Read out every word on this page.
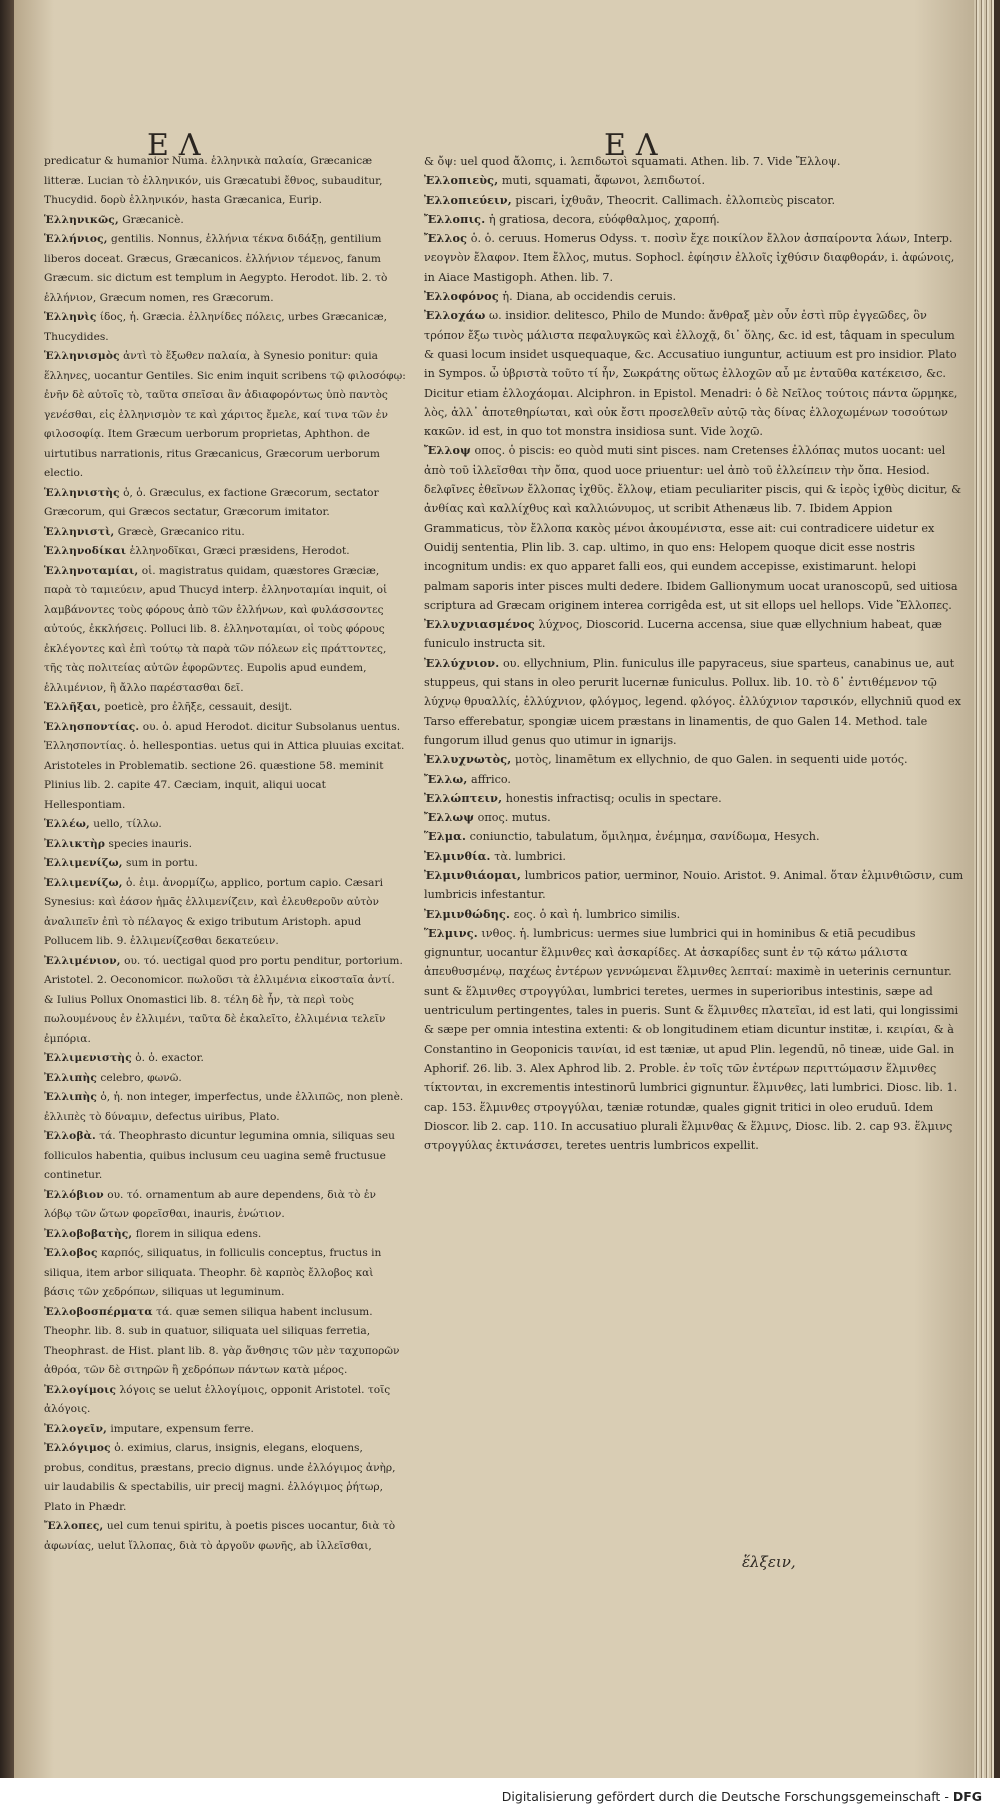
ΕΛ	ΕΛ
predicatur & humanior Numa. ἑλληνικὰ παλαία, Græcanicæ litteræ. Lucian τὸ ἑλληνικόν, uis Græcatubi ἔθνος, subauditur, Thucydid. δορὺ ἑλληνικόν, hasta Græcanica, Eurip.
Ἑλληνικῶς, Græcanicè.
Ἑλλήνιος, gentilis. Nonnus, ἑλλήνια τέκνα διδάξῃ, gentilium liberos doceat. Græcus, Græcanicos. ἑλλήνιον τέμενος, fanum Græcum. sic dictum est templum in Aegypto. Herodot. lib. 2. τὸ ἑλλήνιον, Græcum nomen, res Græcorum.
Ἑλληνὶς ίδος, ἡ. Græcia. ἑλληνίδες πόλεις, urbes Græcanicæ, Thucydides.
Ἑλληνισμὸς ἀντὶ τὸ ἔξωθεν παλαία, à Synesio ponitur: quia ἕλληνες, uocantur Gentiles. Sic enim inquit scribens τῷ φιλοσόφῳ: ἐνῆν δὲ αὐτοῖς τὸ, ταῦτα σπεῖσαι ἂν ἀδιαφορόντως ὑπὸ παντὸς γενέσθαι, εἰς ἑλληνισμὸν τε καὶ χάριτος ἔμελε, καί τινα τῶν ἐν φιλοσοφίᾳ. Item Græcum uerborum proprietas, Aphthon. de uirtutibus narrationis, ritus Græcanicus, Græcorum uerborum electio.
Ἑλληνιστὴς ὁ, ὁ. Græculus, ex factione Græcorum, sectator Græcorum, qui Græcos sectatur, Græcorum imitator.
Ἑλληνιστὶ, Græcè, Græcanico ritu.
Ἑλληνοδίκαι ἑλληνοδῖκαι, Græci præsidens, Herodot.
Ἑλληνοταμίαι, οἱ. magistratus quidam, quæstores Græciæ, παρὰ τὸ ταμιεύειν, apud Thucyd interp. ἑλληνοταμίαι inquit, οἱ λαμβάνοντες τοὺς φόρους ἀπὸ τῶν ἑλλήνων, καὶ φυλάσσοντες αὐτούς, ἐκκλήσεις. Polluci lib. 8. ἑλληνοταμίαι, οἱ τοὺς φόρους ἐκλέγοντες καὶ ἐπὶ τούτῳ τὰ παρὰ τῶν πόλεων εἰς πράττοντες, τῆς τὰς πολιτείας αὐτῶν ἐφορῶντες. Eupolis apud eundem, ἑλλιμένιον, ἢ ἄλλο παρέστασθαι δεῖ.
Ἑλλῆξαι, poeticè, pro ἐλῆξε, cessauit, desijt.
Ἑλλησποντίας. ου. ὁ. apud Herodot. dicitur Subsolanus uentus. Ἑλλησποντίας. ὁ. hellespontias. uetus qui in Attica pluuias excitat. Aristoteles in Problematib. sectione 26. quæstione 58. meminit Plinius lib. 2. capite 47. Cæciam, inquit, aliqui uocat Hellespontiam.
Ἑλλέω, uello, τίλλω.
Ἐλλικτὴρ species inauris.
Ἐλλιμενίζω, sum in portu.
Ἐλλιμενίζω, ὁ. ἐιμ. ἀνορμίζω, applico, portum capio. Cæsari Synesius: καὶ ἐάσον ἡμᾶς ἐλλιμενίζειν, καὶ ἐλευθεροῦν αὐτὸν ἀναλιπεῖν ἐπὶ τὸ πέλαγος & exigo tributum Aristoph. apud Pollucem lib. 9. ἐλλιμενίζεσθαι δεκατεύειν.
Ἐλλιμένιον, ου. τό. uectigal quod pro portu penditur, portorium. Aristotel. 2. Oeconomicor. πωλοῦσι τὰ ἐλλιμένια εἰκοσταῖα ἀντί. & Iulius Pollux Onomastici lib. 8. τέλη δὲ ἦν, τὰ περὶ τοὺς πωλουμένους ἐν ἐλλιμένι, ταῦτα δὲ ἐκαλεῖτο, ἐλλιμένια τελεῖν ἐμπόρια.
Ἐλλιμενιστὴς ὁ. ὁ. exactor.
Ἐλλιπὴς celebro, φωνῶ.
Ἐλλιπὴς ὁ, ἡ. non integer, imperfectus, unde ἐλλιπῶς, non plenè. ἐλλιπὲς τὸ δύναμιν, defectus uiribus, Plato.
Ἐλλοβὰ. τά. Theophrasto dicuntur legumina omnia, siliquas seu folliculos habentia, quibus inclusum ceu uagina semê fructusue continetur.
Ἐλλόβιον ου. τό. ornamentum ab aure dependens, διὰ τὸ ἐν λόβῳ τῶν ὤτων φορεῖσθαι, inauris, ἐνώτιον.
Ἐλλοβοβατὴς, florem in siliqua edens.
Ἐλλοβος καρπός, siliquatus, in folliculis conceptus, fructus in siliqua, item arbor siliquata. Theophr. δὲ καρπὸς ἔλλοβος καὶ βάσις τῶν χεδρόπων, siliquas ut leguminum.
Ἐλλοβοσπέρματα τά. quæ semen siliqua habent inclusum. Theophr. lib. 8. sub in quatuor, siliquata uel siliquas ferretia, Theophrast. de Hist. plant lib. 8. γὰρ ἄνθησις τῶν μὲν ταχυπορῶν ἀθρόα, τῶν δὲ σιτηρῶν ἢ χεδρόπων πάντων κατὰ μέρος.
Ἐλλογίμοις λόγοις se uelut ἑλλογίμοις, opponit Aristotel. τοῖς ἀλόγοις.
Ἐλλογεῖν, imputare, expensum ferre.
Ἐλλόγιμος ὁ. eximius, clarus, insignis, elegans, eloquens, probus, conditus, præstans, precio dignus. unde ἐλλόγιμος ἀνὴρ, uir laudabilis & spectabilis, uir precij magni. ἐλλόγιμος ῥήτωρ, Plato in Phædr.
Ἔλλοπες, uel cum tenui spiritu, à poetis pisces uocantur, διὰ τὸ ἀφωνίας, uelut ἴλλοπας, διὰ τὸ ἀργοῦν φωνῆς, ab ἰλλεῖσθαι,
& ὄψ: uel quod ἄλοπις, i. λεπιδωτοὶ squamati. Athen. lib. 7. Vide Ἔλλοψ.
Ἐλλοπιεὺς, muti, squamati, ἄφωνοι, λεπιδωτοί.
Ἐλλοπιεύειν, piscari, ἰχθυᾶν, Theocrit. Callimach. ἐλλοπιεὺς piscator.
Ἔλλοπις. ἡ gratiosa, decora, εὐόφθαλμος, χαροπή.
Ἔλλος ὁ. ὁ. ceruus. Homerus Odyss. τ. ποσὶν ἔχε ποικίλον ἔλλον ἀσπαίροντα λάων, Interp. νεογνὸν ἔλαφον. Item ἔλλος, mutus. Sophocl. ἐφίησιν ἐλλοῖς ἰχθύσιν διαφθοράν, i. ἀφώνοις, in Aiace Mastigoph. Athen. lib. 7.
Ἐλλοφόνος ἡ. Diana, ab occidendis ceruis.
Ἐλλοχάω ω. insidior. delitesco, Philo de Mundo: ἄνθραξ μὲν οὖν ἐστὶ πῦρ ἐγγεῶδες, ὃν τρόπον ἔξω τινὸς μάλιστα πεφαλυγκῶς καὶ ἐλλοχᾷ, δι᾽ ὅλης, &c. id est, tâquam in speculum & quasi locum insidet usquequaque, &c. Accusatiuo iunguntur, actiuum est pro insidior. Plato in Sympos. ὦ ὑβριστὰ τοῦτο τί ἦν, Σωκράτης οὕτως ἐλλοχῶν αὖ με ἐνταῦθα κατέκεισο, &c. Dicitur etiam ἐλλοχάομαι. Alciphron. in Epistol. Menadri: ὁ δὲ Νεῖλος τούτοις πάντα ὥρμηκε, λὸς, ἀλλ᾽ ἀποτεθηρίωται, καὶ οὐκ ἔστι προσελθεῖν αὐτῷ τὰς δίνας ἐλλοχωμένων τοσούτων κακῶν. id est, in quo tot monstra insidiosa sunt. Vide λοχῶ.
Ἔλλοψ οπος. ὁ piscis: eo quòd muti sint pisces. nam Cretenses ἐλλόπας mutos uocant: uel ἀπὸ τοῦ ἰλλεῖσθαι τὴν ὄπα, quod uoce priuentur: uel ἀπὸ τοῦ ἐλλείπειν τὴν ὄπα. Hesiod. δελφῖνες ἐθεῖνων ἔλλοπας ἰχθῦς. ἔλλοψ, etiam peculiariter piscis, qui & ἱερὸς ἰχθὺς dicitur, & ἀνθίας καὶ καλλίχθυς καὶ καλλιώνυμος, ut scribit Athenæus lib. 7. Ibidem Appion Grammaticus, τὸν ἔλλοπα κακὸς μένοι ἀκουμένιστα, esse ait: cui contradicere uidetur ex Ouidij sententia, Plin lib. 3. cap. ultimo, in quo ens: Helopem quoque dicit esse nostris incognitum undis: ex quo apparet falli eos, qui eundem accepisse, existimarunt. helopi palmam saporis inter pisces multi dedere. Ibidem Gallionymum uocat uranoscopū, sed uitiosa scriptura ad Græcam originem interea corrigêda est, ut sit ellops uel hellops. Vide Ἔλλοπες.
Ἐλλυχνιασμένος λύχνος, Dioscorid. Lucerna accensa, siue quæ ellychnium habeat, quæ funiculo instructa sit.
Ἐλλύχνιον. ου. ellychnium, Plin. funiculus ille papyraceus, siue sparteus, canabinus ue, aut stuppeus, qui stans in oleo perurit lucernæ funiculus. Pollux. lib. 10. τὸ δ᾽ ἐντιθέμενον τῷ λύχνῳ θρυαλλίς, ἐλλύχνιον, φλόγμος, legend. φλόγος. ἐλλύχνιον ταρσικόν, ellychniū quod ex Tarso efferebatur, spongiæ uicem præstans in linamentis, de quo Galen 14. Method. tale fungorum illud genus quo utimur in ignarijs.
Ἐλλυχνωτὸς, μοτὸς, linamētum ex ellychnio, de quo Galen. in sequenti uide μοτός.
Ἔλλω, affrico.
Ἐλλώπτειν, honestis infractisq; oculis in spectare.
Ἔλλωψ οπος. mutus.
Ἕλμα. coniunctio, tabulatum, ὅμιλημα, ἐνέμημα, σανίδωμα, Hesych.
Ἐλμινθία. τὰ. lumbrici.
Ἐλμινθιάομαι, lumbricos patior, uerminor, Nouio. Aristot. 9. Animal. ὅταν ἑλμινθιῶσιν, cum lumbricis infestantur.
Ἐλμινθώδης. εος. ὁ καὶ ἡ. lumbrico similis.
Ἕλμινς. ινθος. ἡ. lumbricus: uermes siue lumbrici qui in hominibus & etiā pecudibus gignuntur, uocantur ἕλμινθες καὶ ἀσκαρίδες. At ἀσκαρίδες sunt ἐν τῷ κάτω μάλιστα ἀπευθυσμένῳ, παχέως ἐντέρων γεννώμεναι ἕλμινθες λεπταί: maximè in ueterinis cernuntur. sunt & ἕλμινθες στρογγύλαι, lumbrici teretes, uermes in superioribus intestinis, sæpe ad uentriculum pertingentes, tales in pueris. Sunt & ἕλμινθες πλατεῖαι, id est lati, qui longissimi & sæpe per omnia intestina extenti: & ob longitudinem etiam dicuntur institæ, i. κειρίαι, & à Constantino in Geoponicis ταινίαι, id est tæniæ, ut apud Plin. legendū, nō tineæ, uide Gal. in Aphorif. 26. lib. 3. Alex Aphrod lib. 2. Proble. ἐν τοῖς τῶν ἐντέρων περιττώμασιν ἕλμινθες τίκτονται, in excrementis intestinorū lumbrici gignuntur. ἕλμινθες, lati lumbrici. Diosc. lib. 1. cap. 153. ἕλμινθες στρογγύλαι, tæniæ rotundæ, quales gignit tritici in oleo eruduū. Idem Dioscor. lib 2. cap. 110. In accusatiuo plurali ἕλμινθας & ἕλμινς, Diosc. lib. 2. cap 93. ἕλμινς στρογγύλας ἐκτινάσσει, teretes uentris lumbricos expellit.
ἕλξειν,
Digitalisierung gefördert durch die Deutsche Forschungsgemeinschaft - DFG
